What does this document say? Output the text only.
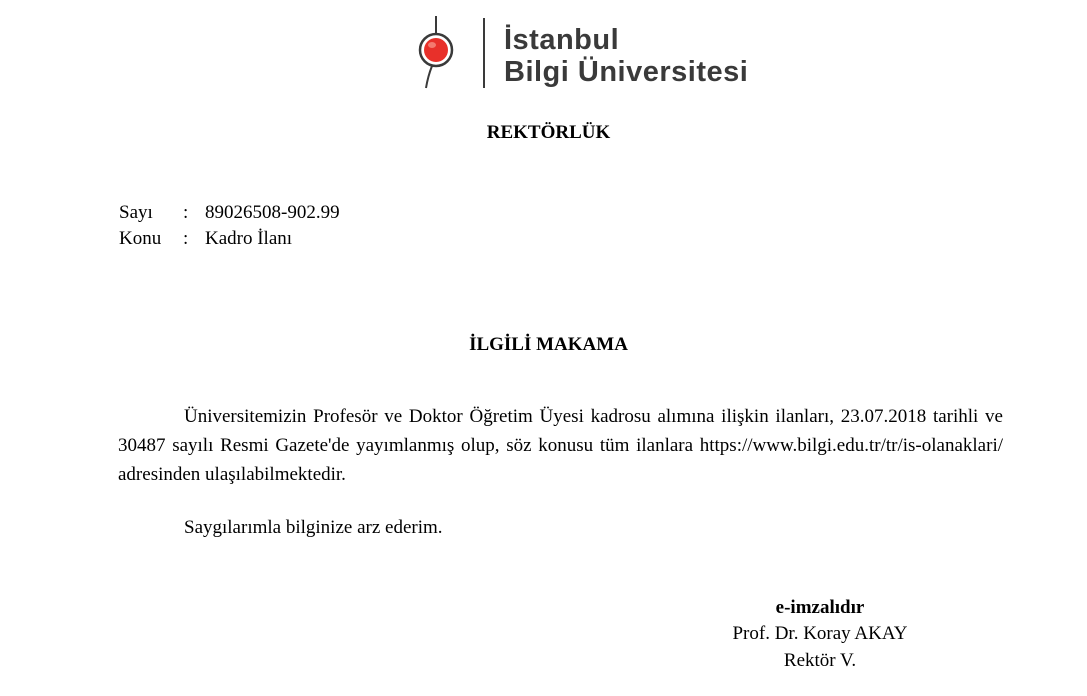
İstanbul
Bilgi Üniversitesi
REKTÖRLÜK
Sayı : 89026508-902.99
Konu : Kadro İlanı
İLGİLİ MAKAMA
Üniversitemizin Profesör ve Doktor Öğretim Üyesi kadrosu alımına ilişkin ilanları, 23.07.2018 tarihli ve 30487 sayılı Resmi Gazete'de yayımlanmış olup, söz konusu tüm ilanlara https://www.bilgi.edu.tr/tr/is-olanaklari/ adresinden ulaşılabilmektedir.
Saygılarımla bilginize arz ederim.
e-imzalıdır
Prof. Dr. Koray AKAY
Rektör V.
